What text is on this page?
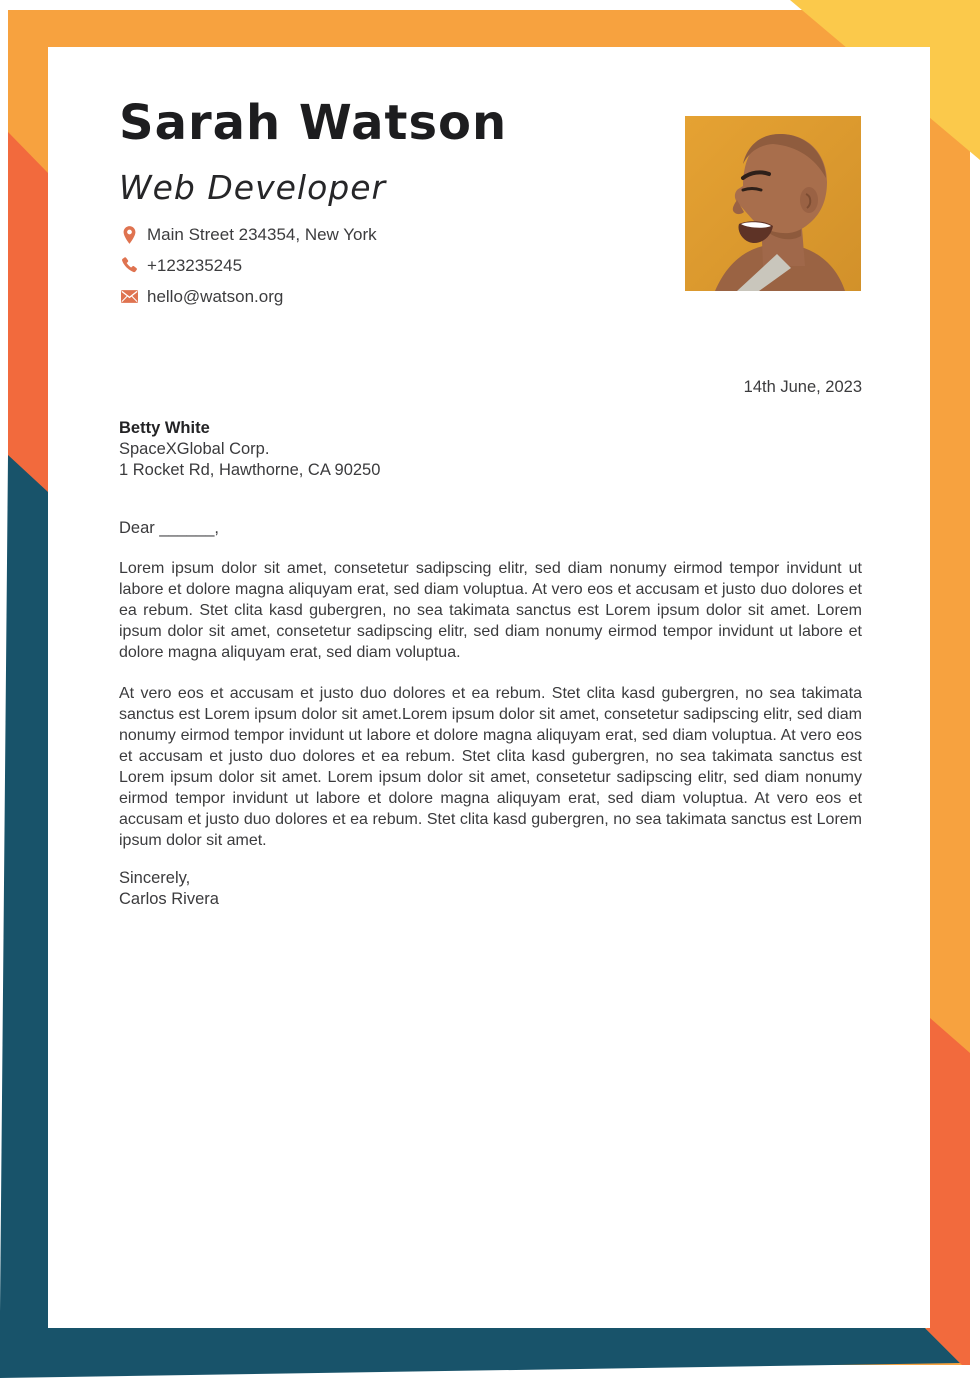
Sarah Watson
Web Developer
Main Street 234354, New York
+123235245
hello@watson.org
14th June, 2023
Betty White
SpaceXGlobal Corp.
1 Rocket Rd, Hawthorne, CA 90250
Dear ______,

Lorem ipsum dolor sit amet, consetetur sadipscing elitr, sed diam nonumy eirmod tempor invidunt ut labore et dolore magna aliquyam erat, sed diam voluptua. At vero eos et accusam et justo duo dolores et ea rebum. Stet clita kasd gubergren, no sea takimata sanctus est Lorem ipsum dolor sit amet. Lorem ipsum dolor sit amet, consetetur sadipscing elitr, sed diam nonumy eirmod tempor invidunt ut labore et dolore magna aliquyam erat, sed diam voluptua.

At vero eos et accusam et justo duo dolores et ea rebum. Stet clita kasd gubergren, no sea takimata sanctus est Lorem ipsum dolor sit amet.Lorem ipsum dolor sit amet, consetetur sadipscing elitr, sed diam nonumy eirmod tempor invidunt ut labore et dolore magna aliquyam erat, sed diam voluptua. At vero eos et accusam et justo duo dolores et ea rebum. Stet clita kasd gubergren, no sea takimata sanctus est Lorem ipsum dolor sit amet. Lorem ipsum dolor sit amet, consetetur sadipscing elitr, sed diam nonumy eirmod tempor invidunt ut labore et dolore magna aliquyam erat, sed diam voluptua. At vero eos et accusam et justo duo dolores et ea rebum. Stet clita kasd gubergren, no sea takimata sanctus est Lorem ipsum dolor sit amet.

Sincerely,
Carlos Rivera
